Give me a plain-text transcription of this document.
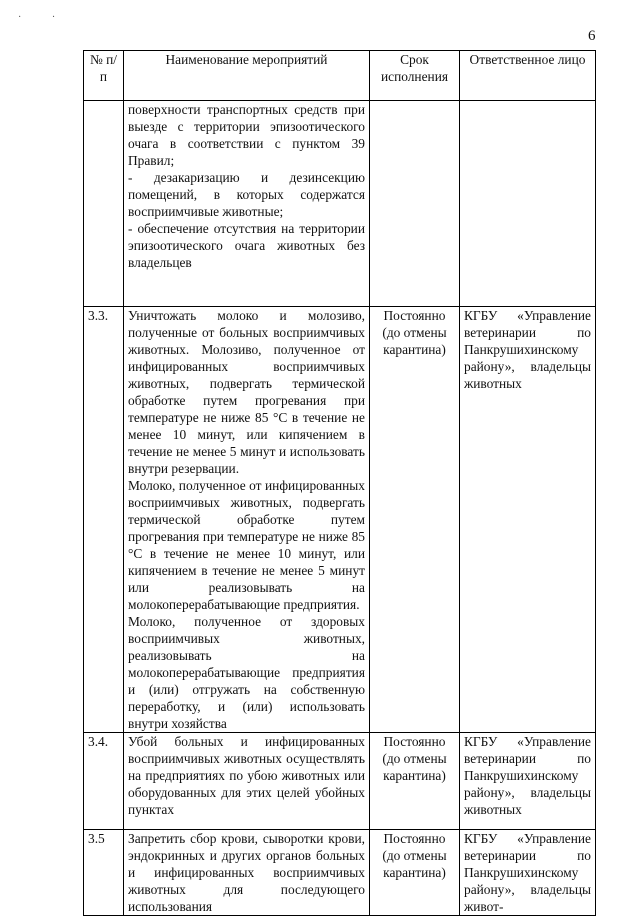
· ·
6
№ п/п	Наименование мероприятий	Срок исполнения	Ответственное лицо
	поверхности транспортных средств при выезде с территории эпизоотического очага в соответствии с пунктом 39 Правил;
- дезакаризацию и дезинсекцию помещений, в которых содержатся восприимчивые животные;
- обеспечение отсутствия на территории эпизоотического очага животных без владельцев		
3.3.	Уничтожать молоко и молозиво, полученные от больных восприимчивых животных. Молозиво, полученное от инфицированных восприимчивых животных, подвергать термической обработке путем прогревания при температуре не ниже 85 °С в течение не менее 10 минут, или кипячением в течение не менее 5 минут и использовать внутри резервации.
Молоко, полученное от инфицированных восприимчивых животных, подвергать термической обработке путем прогревания при температуре не ниже 85 °С в течение не менее 10 минут, или кипячением в течение не менее 5 минут или реализовывать на молокоперерабатывающие предприятия.
Молоко, полученное от здоровых восприимчивых животных, реализовывать на молокоперерабатывающие предприятия и (или) отгружать на собственную переработку, и (или) использовать внутри хозяйства	Постоянно (до отмены карантина)	КГБУ «Управление ветеринарии по Панкрушихинскому району», владельцы животных
3.4.	Убой больных и инфицированных восприимчивых животных осуществлять на предприятиях по убою животных или оборудованных для этих целей убойных пунктах	Постоянно (до отмены карантина)	КГБУ «Управление ветеринарии по Панкрушихинскому району», владельцы животных
3.5	Запретить сбор крови, сыворотки крови, эндокринных и других органов больных и инфицированных восприимчивых животных для последующего использования	Постоянно (до отмены карантина)	КГБУ «Управление ветеринарии по Панкрушихинскому району», владельцы живот-
